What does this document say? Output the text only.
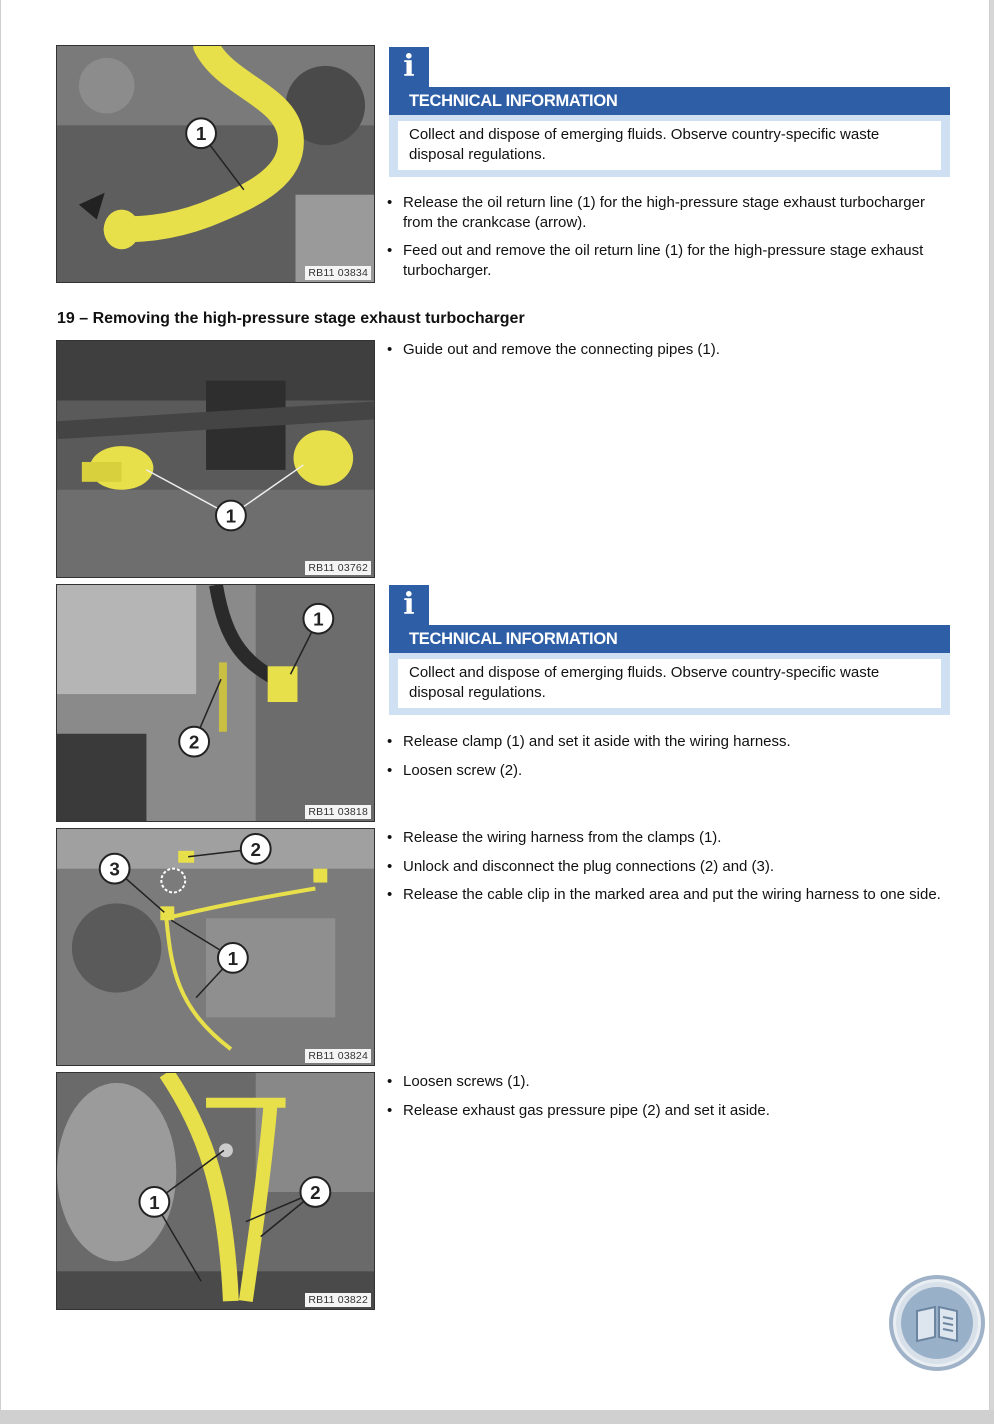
1
RB11 03834
i
TECHNICAL INFORMATION
Collect and dispose of emerging fluids. Observe country-specific waste disposal regulations.
• Release the oil return line (1) for the high-pressure stage exhaust turbocharger from the crankcase (arrow).
• Feed out and remove the oil return line (1) for the high-pressure stage exhaust turbocharger.
19 – Removing the high-pressure stage exhaust turbocharger
1
RB11 03762
• Guide out and remove the connecting pipes (1).
1
2
RB11 03818
i
TECHNICAL INFORMATION
Collect and dispose of emerging fluids. Observe country-specific waste disposal regulations.
• Release clamp (1) and set it aside with the wiring harness.
• Loosen screw (2).
2
3
1
RB11 03824
• Release the wiring harness from the clamps (1).
• Unlock and disconnect the plug connections (2) and (3).
• Release the cable clip in the marked area and put the wiring harness to one side.
1	2
RB11 03822
• Loosen screws (1).
• Release exhaust gas pressure pipe (2) and set it aside.
